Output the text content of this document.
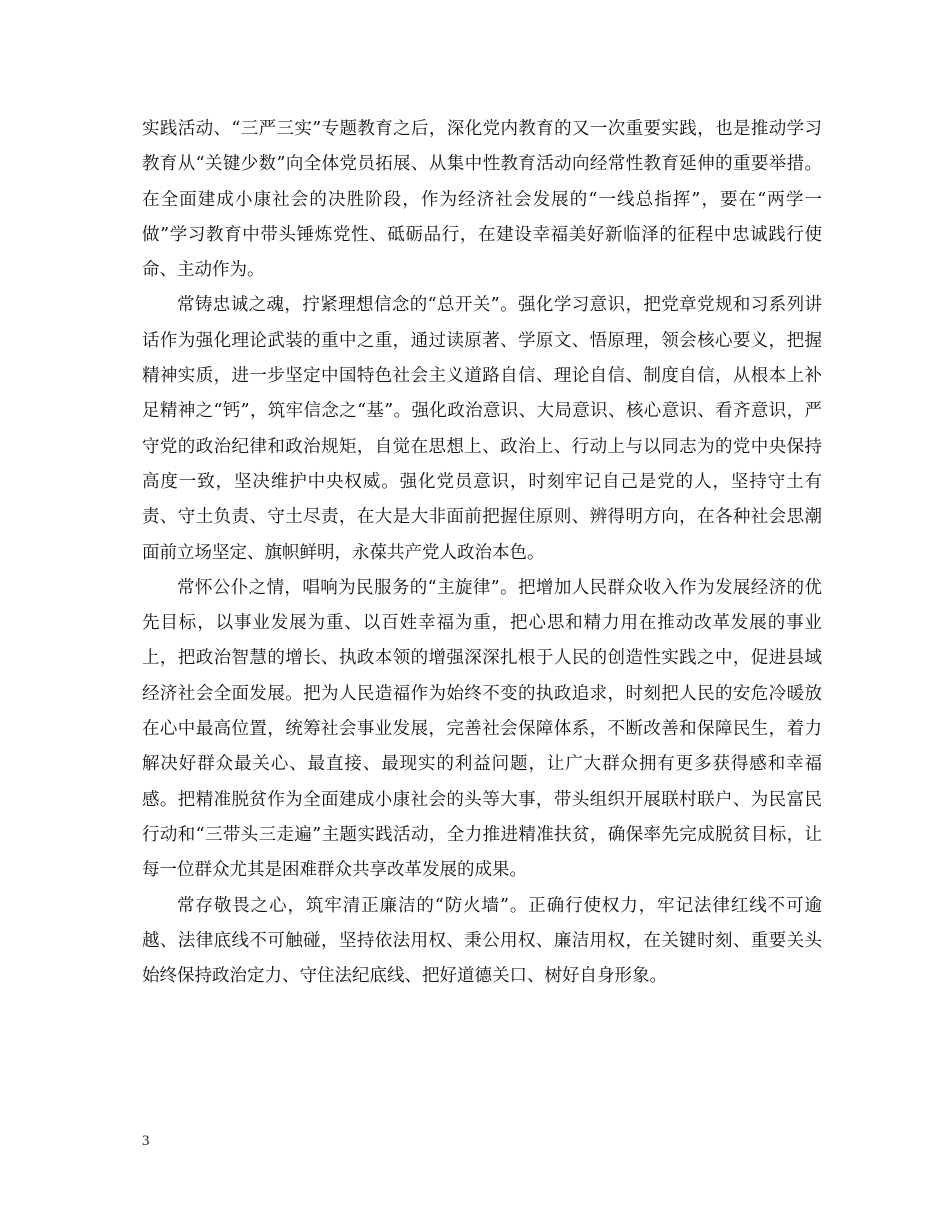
实践活动、“三严三实”专题教育之后，深化党内教育的又一次重要实践，也是推动学习教育从“关键少数”向全体党员拓展、从集中性教育活动向经常性教育延伸的重要举措。在全面建成小康社会的决胜阶段，作为经济社会发展的“一线总指挥”，要在“两学一做”学习教育中带头锤炼党性、砥砺品行，在建设幸福美好新临泽的征程中忠诚践行使命、主动作为。

常铸忠诚之魂，拧紧理想信念的“总开关”。强化学习意识，把党章党规和习系列讲话作为强化理论武装的重中之重，通过读原著、学原文、悟原理，领会核心要义，把握精神实质，进一步坚定中国特色社会主义道路自信、理论自信、制度自信，从根本上补足精神之“钙”，筑牢信念之“基”。强化政治意识、大局意识、核心意识、看齐意识，严守党的政治纪律和政治规矩，自觉在思想上、政治上、行动上与以同志为的党中央保持高度一致，坚决维护中央权威。强化党员意识，时刻牢记自己是党的人，坚持守土有责、守土负责、守土尽责，在大是大非面前把握住原则、辨得明方向，在各种社会思潮面前立场坚定、旗帜鲜明，永葆共产党人政治本色。

常怀公仆之情，唱响为民服务的“主旋律”。把增加人民群众收入作为发展经济的优先目标，以事业发展为重、以百姓幸福为重，把心思和精力用在推动改革发展的事业上，把政治智慧的增长、执政本领的增强深深扎根于人民的创造性实践之中，促进县域经济社会全面发展。把为人民造福作为始终不变的执政追求，时刻把人民的安危冷暖放在心中最高位置，统筹社会事业发展，完善社会保障体系，不断改善和保障民生，着力解决好群众最关心、最直接、最现实的利益问题，让广大群众拥有更多获得感和幸福感。把精准脱贫作为全面建成小康社会的头等大事，带头组织开展联村联户、为民富民行动和“三带头三走遍”主题实践活动，全力推进精准扶贫，确保率先完成脱贫目标，让每一位群众尤其是困难群众共享改革发展的成果。

常存敬畏之心，筑牢清正廉洁的“防火墙”。正确行使权力，牢记法律红线不可逾越、法律底线不可触碰，坚持依法用权、秉公用权、廉洁用权，在关键时刻、重要关头始终保持政治定力、守住法纪底线、把好道德关口、树好自身形象。

3
